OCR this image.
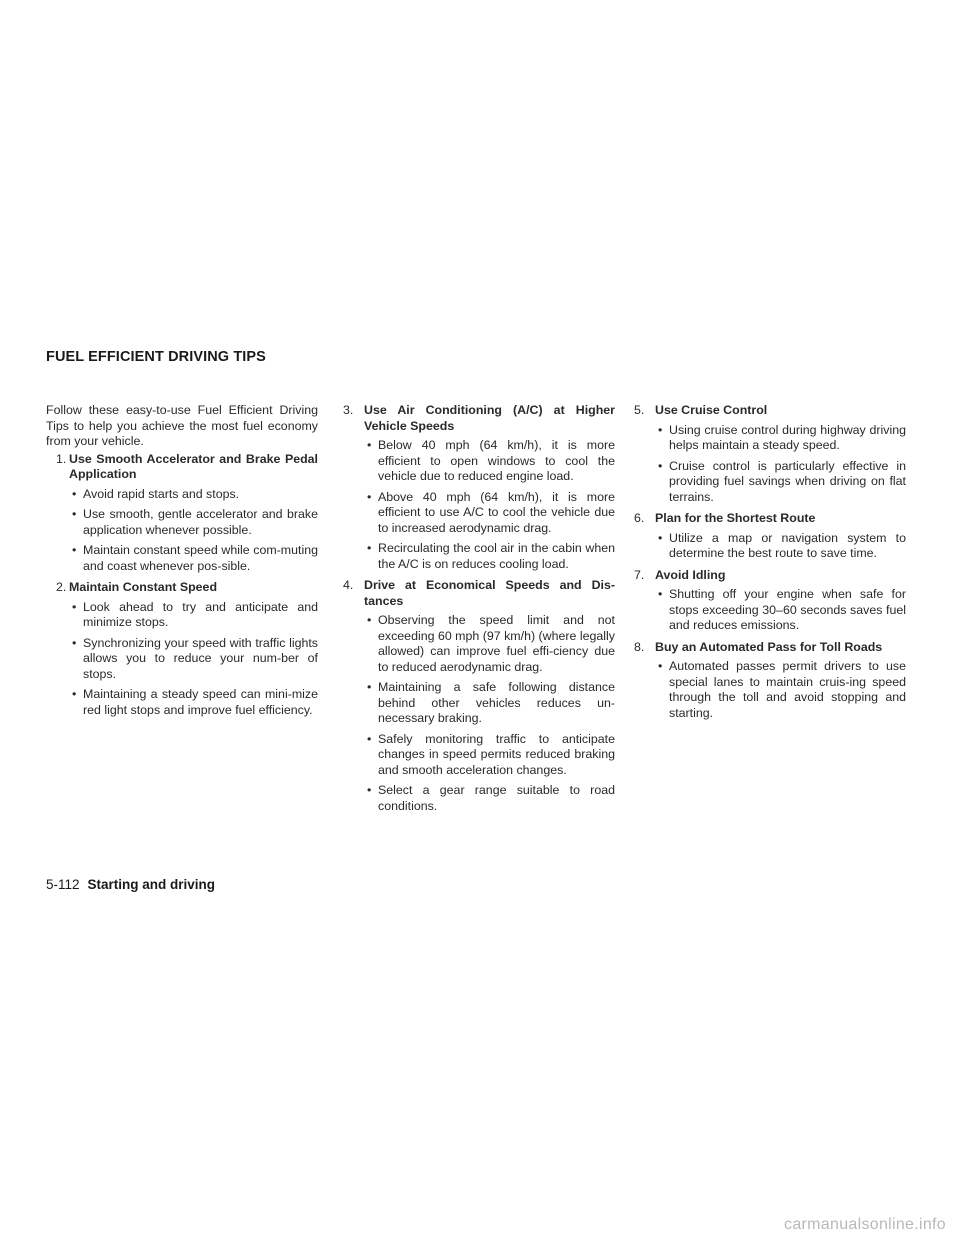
FUEL EFFICIENT DRIVING TIPS

Follow these easy-to-use Fuel Efficient Driving Tips to help you achieve the most fuel economy from your vehicle.

1. Use Smooth Accelerator and Brake Pedal Application

• Avoid rapid starts and stops.
• Use smooth, gentle accelerator and brake application whenever possible.
• Maintain constant speed while com-muting and coast whenever pos-sible.

2. Maintain Constant Speed

• Look ahead to try and anticipate and minimize stops.
• Synchronizing your speed with traffic lights allows you to reduce your num-ber of stops.
• Maintaining a steady speed can mini-mize red light stops and improve fuel efficiency.

3. Use Air Conditioning (A/C) at Higher Vehicle Speeds

• Below 40 mph (64 km/h), it is more efficient to open windows to cool the vehicle due to reduced engine load.
• Above 40 mph (64 km/h), it is more efficient to use A/C to cool the vehicle due to increased aerodynamic drag.
• Recirculating the cool air in the cabin when the A/C is on reduces cooling load.

4. Drive at Economical Speeds and Dis-tances

• Observing the speed limit and not exceeding 60 mph (97 km/h) (where legally allowed) can improve fuel effi-ciency due to reduced aerodynamic drag.
• Maintaining a safe following distance behind other vehicles reduces un-necessary braking.
• Safely monitoring traffic to anticipate changes in speed permits reduced braking and smooth acceleration changes.
• Select a gear range suitable to road conditions.

5. Use Cruise Control

• Using cruise control during highway driving helps maintain a steady speed.
• Cruise control is particularly effective in providing fuel savings when driving on flat terrains.

6. Plan for the Shortest Route

• Utilize a map or navigation system to determine the best route to save time.

7. Avoid Idling

• Shutting off your engine when safe for stops exceeding 30–60 seconds saves fuel and reduces emissions.

8. Buy an Automated Pass for Toll Roads

• Automated passes permit drivers to use special lanes to maintain cruis-ing speed through the toll and avoid stopping and starting.
5-112 Starting and driving
carmanualsonline.info
